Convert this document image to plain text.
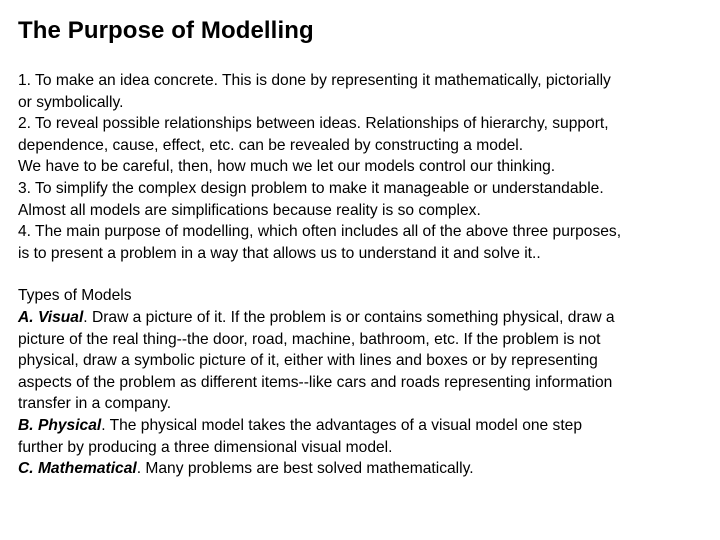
The Purpose of Modelling
1. To make an idea concrete. This is done by representing it mathematically, pictorially
or symbolically.
2. To reveal possible relationships between ideas. Relationships of hierarchy, support,
dependence, cause, effect, etc. can be revealed by constructing a model.
We have to be careful, then, how much we let our models control our thinking.
3. To simplify the complex design problem to make it manageable or understandable.
Almost all models are simplifications because reality is so complex.
4. The main purpose of modelling, which often includes all of the above three purposes,
is to present a problem in a way that allows us to understand it and solve it..
Types of Models
A. Visual. Draw a picture of it. If the problem is or contains something physical, draw a
picture of the real thing--the door, road, machine, bathroom, etc. If the problem is not
physical, draw a symbolic picture of it, either with lines and boxes or by representing
aspects of the problem as different items--like cars and roads representing information
transfer in a company.
B. Physical. The physical model takes the advantages of a visual model one step
further by producing a three dimensional visual model.
C. Mathematical. Many problems are best solved mathematically.
